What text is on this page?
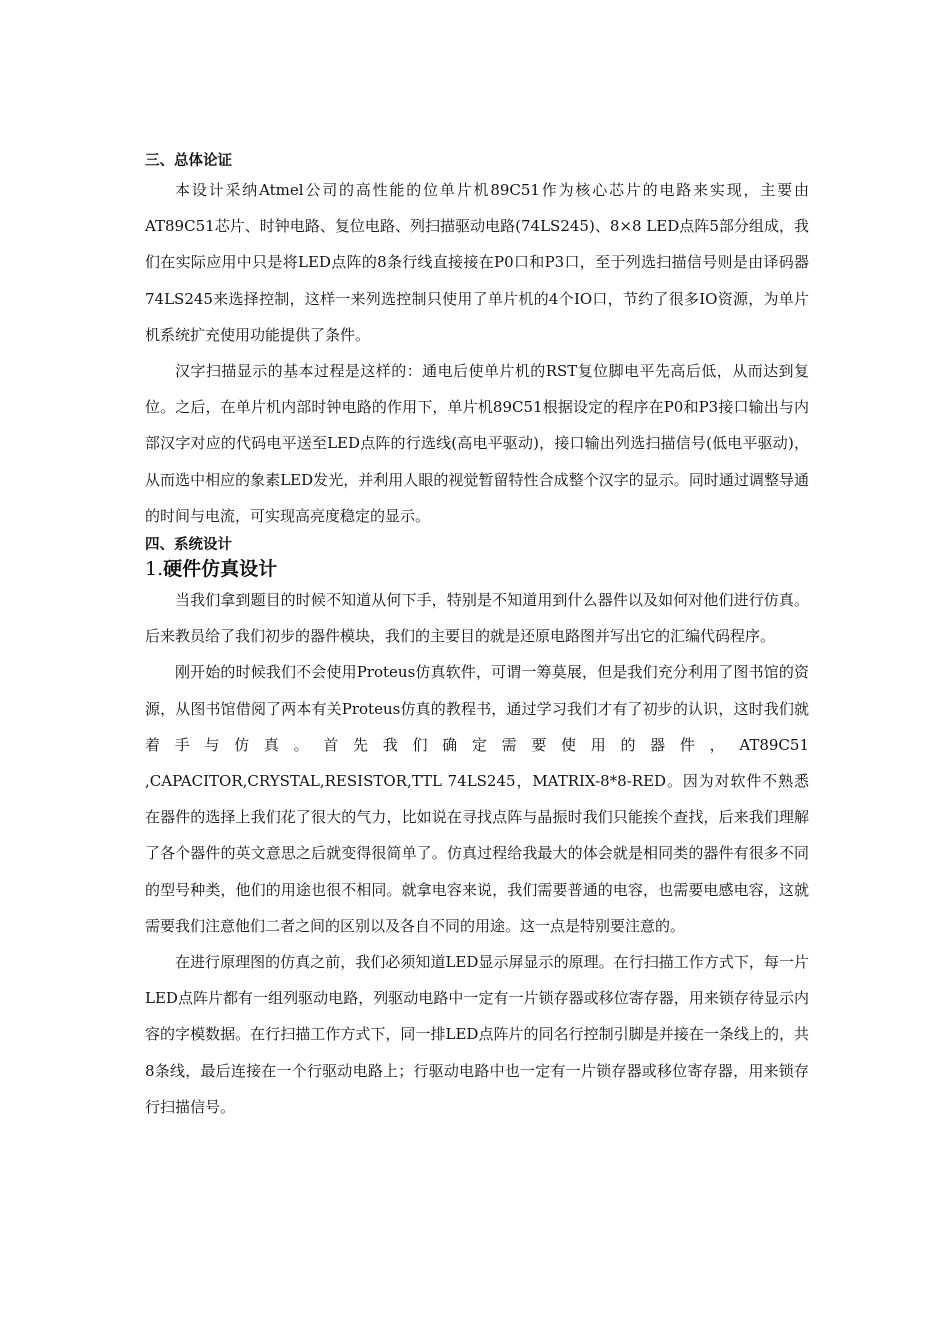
三、总体论证

本设计采纳Atmel公司的高性能的位单片机89C51作为核心芯片的电路来实现，主要由AT89C51芯片、时钟电路、复位电路、列扫描驱动电路(74LS245)、8×8 LED点阵5部分组成，我们在实际应用中只是将LED点阵的8条行线直接接在P0口和P3口，至于列选扫描信号则是由译码器74LS245来选择控制，这样一来列选控制只使用了单片机的4个IO口，节约了很多IO资源，为单片机系统扩充使用功能提供了条件。

汉字扫描显示的基本过程是这样的：通电后使单片机的RST复位脚电平先高后低，从而达到复位。之后，在单片机内部时钟电路的作用下，单片机89C51根据设定的程序在P0和P3接口输出与内部汉字对应的代码电平送至LED点阵的行选线(高电平驱动)，接口输出列选扫描信号(低电平驱动)，从而选中相应的象素LED发光，并利用人眼的视觉暂留特性合成整个汉字的显示。同时通过调整导通的时间与电流，可实现高亮度稳定的显示。

四、系统设计
1.硬件仿真设计

当我们拿到题目的时候不知道从何下手，特别是不知道用到什么器件以及如何对他们进行仿真。后来教员给了我们初步的器件模块，我们的主要目的就是还原电路图并写出它的汇编代码程序。

刚开始的时候我们不会使用Proteus仿真软件，可谓一筹莫展，但是我们充分利用了图书馆的资源，从图书馆借阅了两本有关Proteus仿真的教程书，通过学习我们才有了初步的认识，这时我们就着手与仿真。首先我们确定需要使用的器件，AT89C51 ,CAPACITOR,CRYSTAL,RESISTOR,TTL 74LS245，MATRIX-8*8-RED。因为对软件不熟悉在器件的选择上我们花了很大的气力，比如说在寻找点阵与晶振时我们只能挨个查找，后来我们理解了各个器件的英文意思之后就变得很简单了。仿真过程给我最大的体会就是相同类的器件有很多不同的型号种类，他们的用途也很不相同。就拿电容来说，我们需要普通的电容，也需要电感电容，这就需要我们注意他们二者之间的区别以及各自不同的用途。这一点是特别要注意的。

在进行原理图的仿真之前，我们必须知道LED显示屏显示的原理。在行扫描工作方式下，每一片LED点阵片都有一组列驱动电路，列驱动电路中一定有一片锁存器或移位寄存器，用来锁存待显示内容的字模数据。在行扫描工作方式下，同一排LED点阵片的同名行控制引脚是并接在一条线上的，共8条线，最后连接在一个行驱动电路上；行驱动电路中也一定有一片锁存器或移位寄存器，用来锁存行扫描信号。
